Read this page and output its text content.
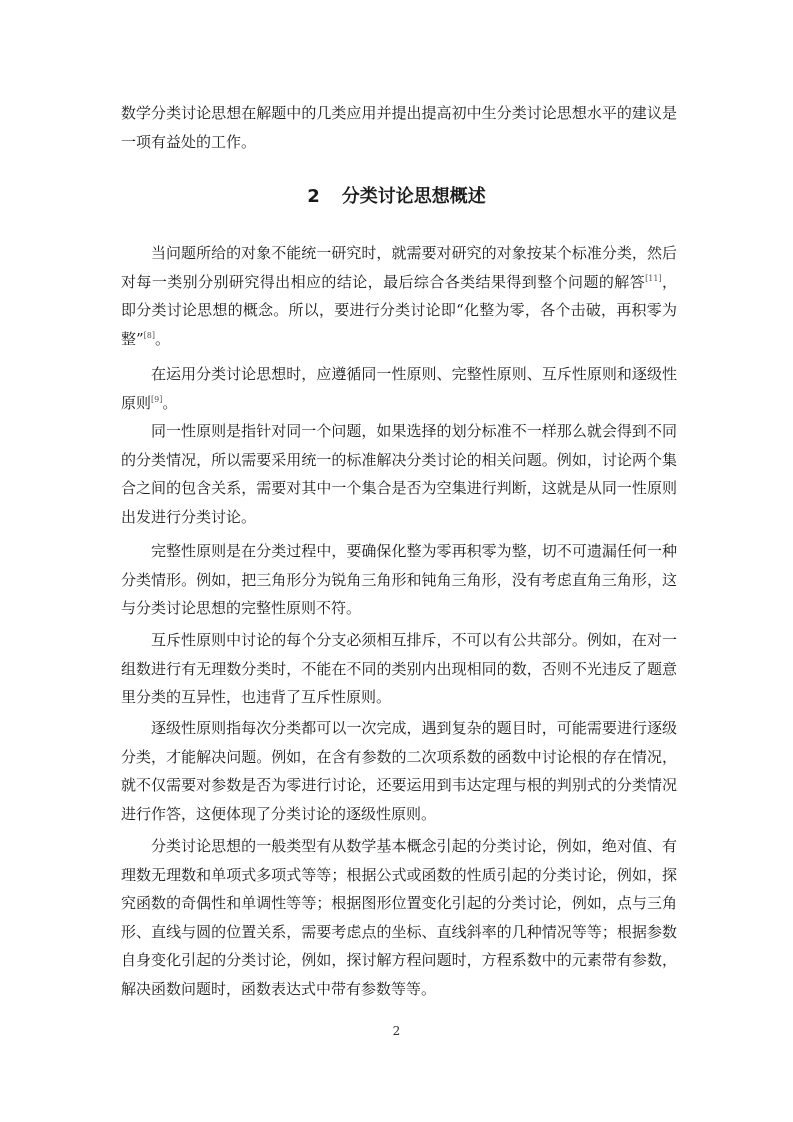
数学分类讨论思想在解题中的几类应用并提出提高初中生分类讨论思想水平的建议是一项有益处的工作。

2 分类讨论思想概述

当问题所给的对象不能统一研究时，就需要对研究的对象按某个标准分类，然后对每一类别分别研究得出相应的结论，最后综合各类结果得到整个问题的解答[11]，即分类讨论思想的概念。所以，要进行分类讨论即“化整为零，各个击破，再积零为整”[8]。

在运用分类讨论思想时，应遵循同一性原则、完整性原则、互斥性原则和逐级性原则[9]。

同一性原则是指针对同一个问题，如果选择的划分标准不一样那么就会得到不同的分类情况，所以需要采用统一的标准解决分类讨论的相关问题。例如，讨论两个集合之间的包含关系，需要对其中一个集合是否为空集进行判断，这就是从同一性原则出发进行分类讨论。

完整性原则是在分类过程中，要确保化整为零再积零为整，切不可遗漏任何一种分类情形。例如，把三角形分为锐角三角形和钝角三角形，没有考虑直角三角形，这与分类讨论思想的完整性原则不符。

互斥性原则中讨论的每个分支必须相互排斥，不可以有公共部分。例如，在对一组数进行有无理数分类时，不能在不同的类别内出现相同的数，否则不光违反了题意里分类的互异性，也违背了互斥性原则。

逐级性原则指每次分类都可以一次完成，遇到复杂的题目时，可能需要进行逐级分类，才能解决问题。例如，在含有参数的二次项系数的函数中讨论根的存在情况，就不仅需要对参数是否为零进行讨论，还要运用到韦达定理与根的判别式的分类情况进行作答，这便体现了分类讨论的逐级性原则。

分类讨论思想的一般类型有从数学基本概念引起的分类讨论，例如，绝对值、有理数无理数和单项式多项式等等；根据公式或函数的性质引起的分类讨论，例如，探究函数的奇偶性和单调性等等；根据图形位置变化引起的分类讨论，例如，点与三角形、直线与圆的位置关系，需要考虑点的坐标、直线斜率的几种情况等等；根据参数自身变化引起的分类讨论，例如，探讨解方程问题时，方程系数中的元素带有参数，解决函数问题时，函数表达式中带有参数等等。

2
